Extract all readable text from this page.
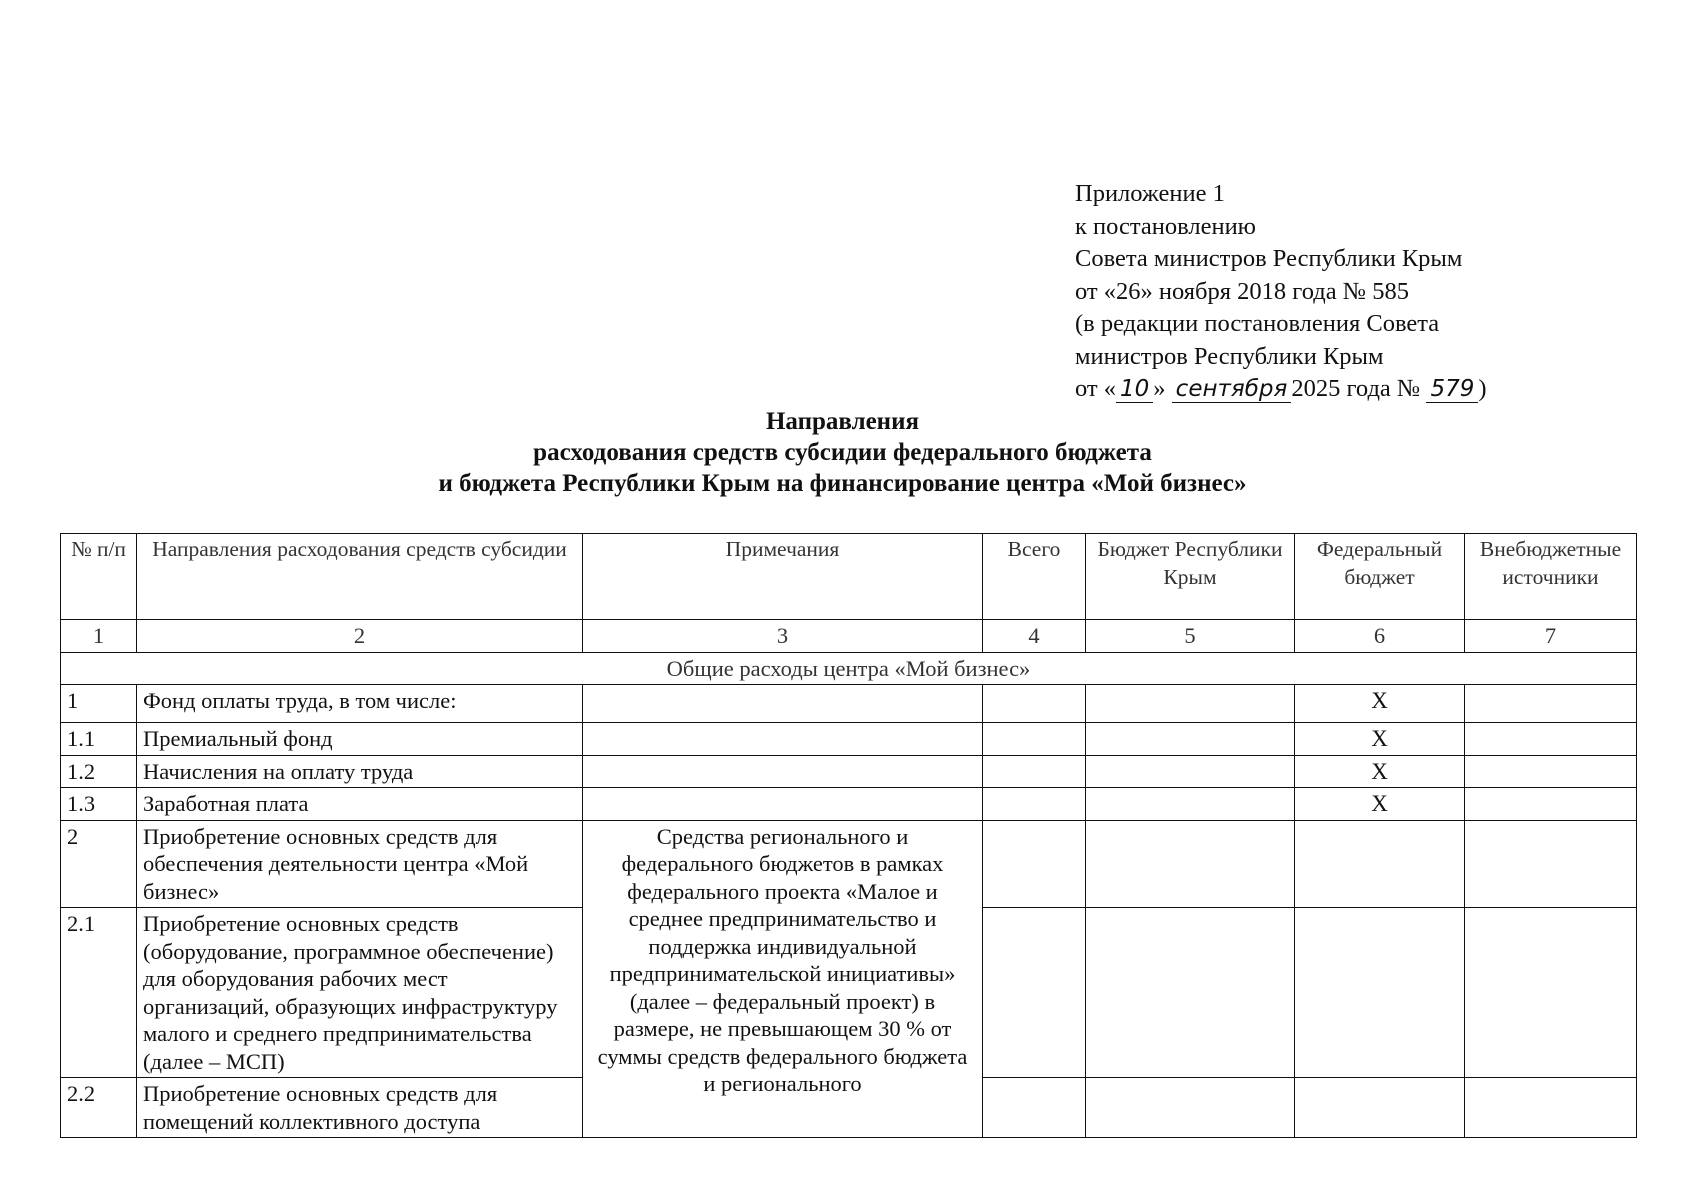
Приложение 1
к постановлению
Совета министров Республики Крым
от «26» ноября 2018 года № 585
(в редакции постановления Совета
министров Республики Крым
от « 10 » сентября 2025 года № 579 )
Направления
расходования средств субсидии федерального бюджета
и бюджета Республики Крым на финансирование центра «Мой бизнес»
№ п/п	Направления расходования средств субсидии	Примечания	Всего	Бюджет Республики Крым	Федеральный бюджет	Внебюджетные источники
1	2	3	4	5	6	7
Общие расходы центра «Мой бизнес»						
1	Фонд оплаты труда, в том числе:				Х	
1.1	Премиальный фонд				Х	
1.2	Начисления на оплату труда				Х	
1.3	Заработная плата				Х	
2	Приобретение основных средств для обеспечения деятельности центра «Мой бизнес»	Средства регионального и федерального бюджетов в рамках федерального проекта «Малое и среднее предпринимательство и поддержка индивидуальной предпринимательской инициативы» (далее – федеральный проект) в размере, не превышающем 30 % от суммы средств федерального бюджета и регионального				
2.1	Приобретение основных средств (оборудование, программное обеспечение) для оборудования рабочих мест организаций, образующих инфраструктуру малого и среднего предпринимательства (далее – МСП)					
2.2	Приобретение основных средств для помещений коллективного доступа					
